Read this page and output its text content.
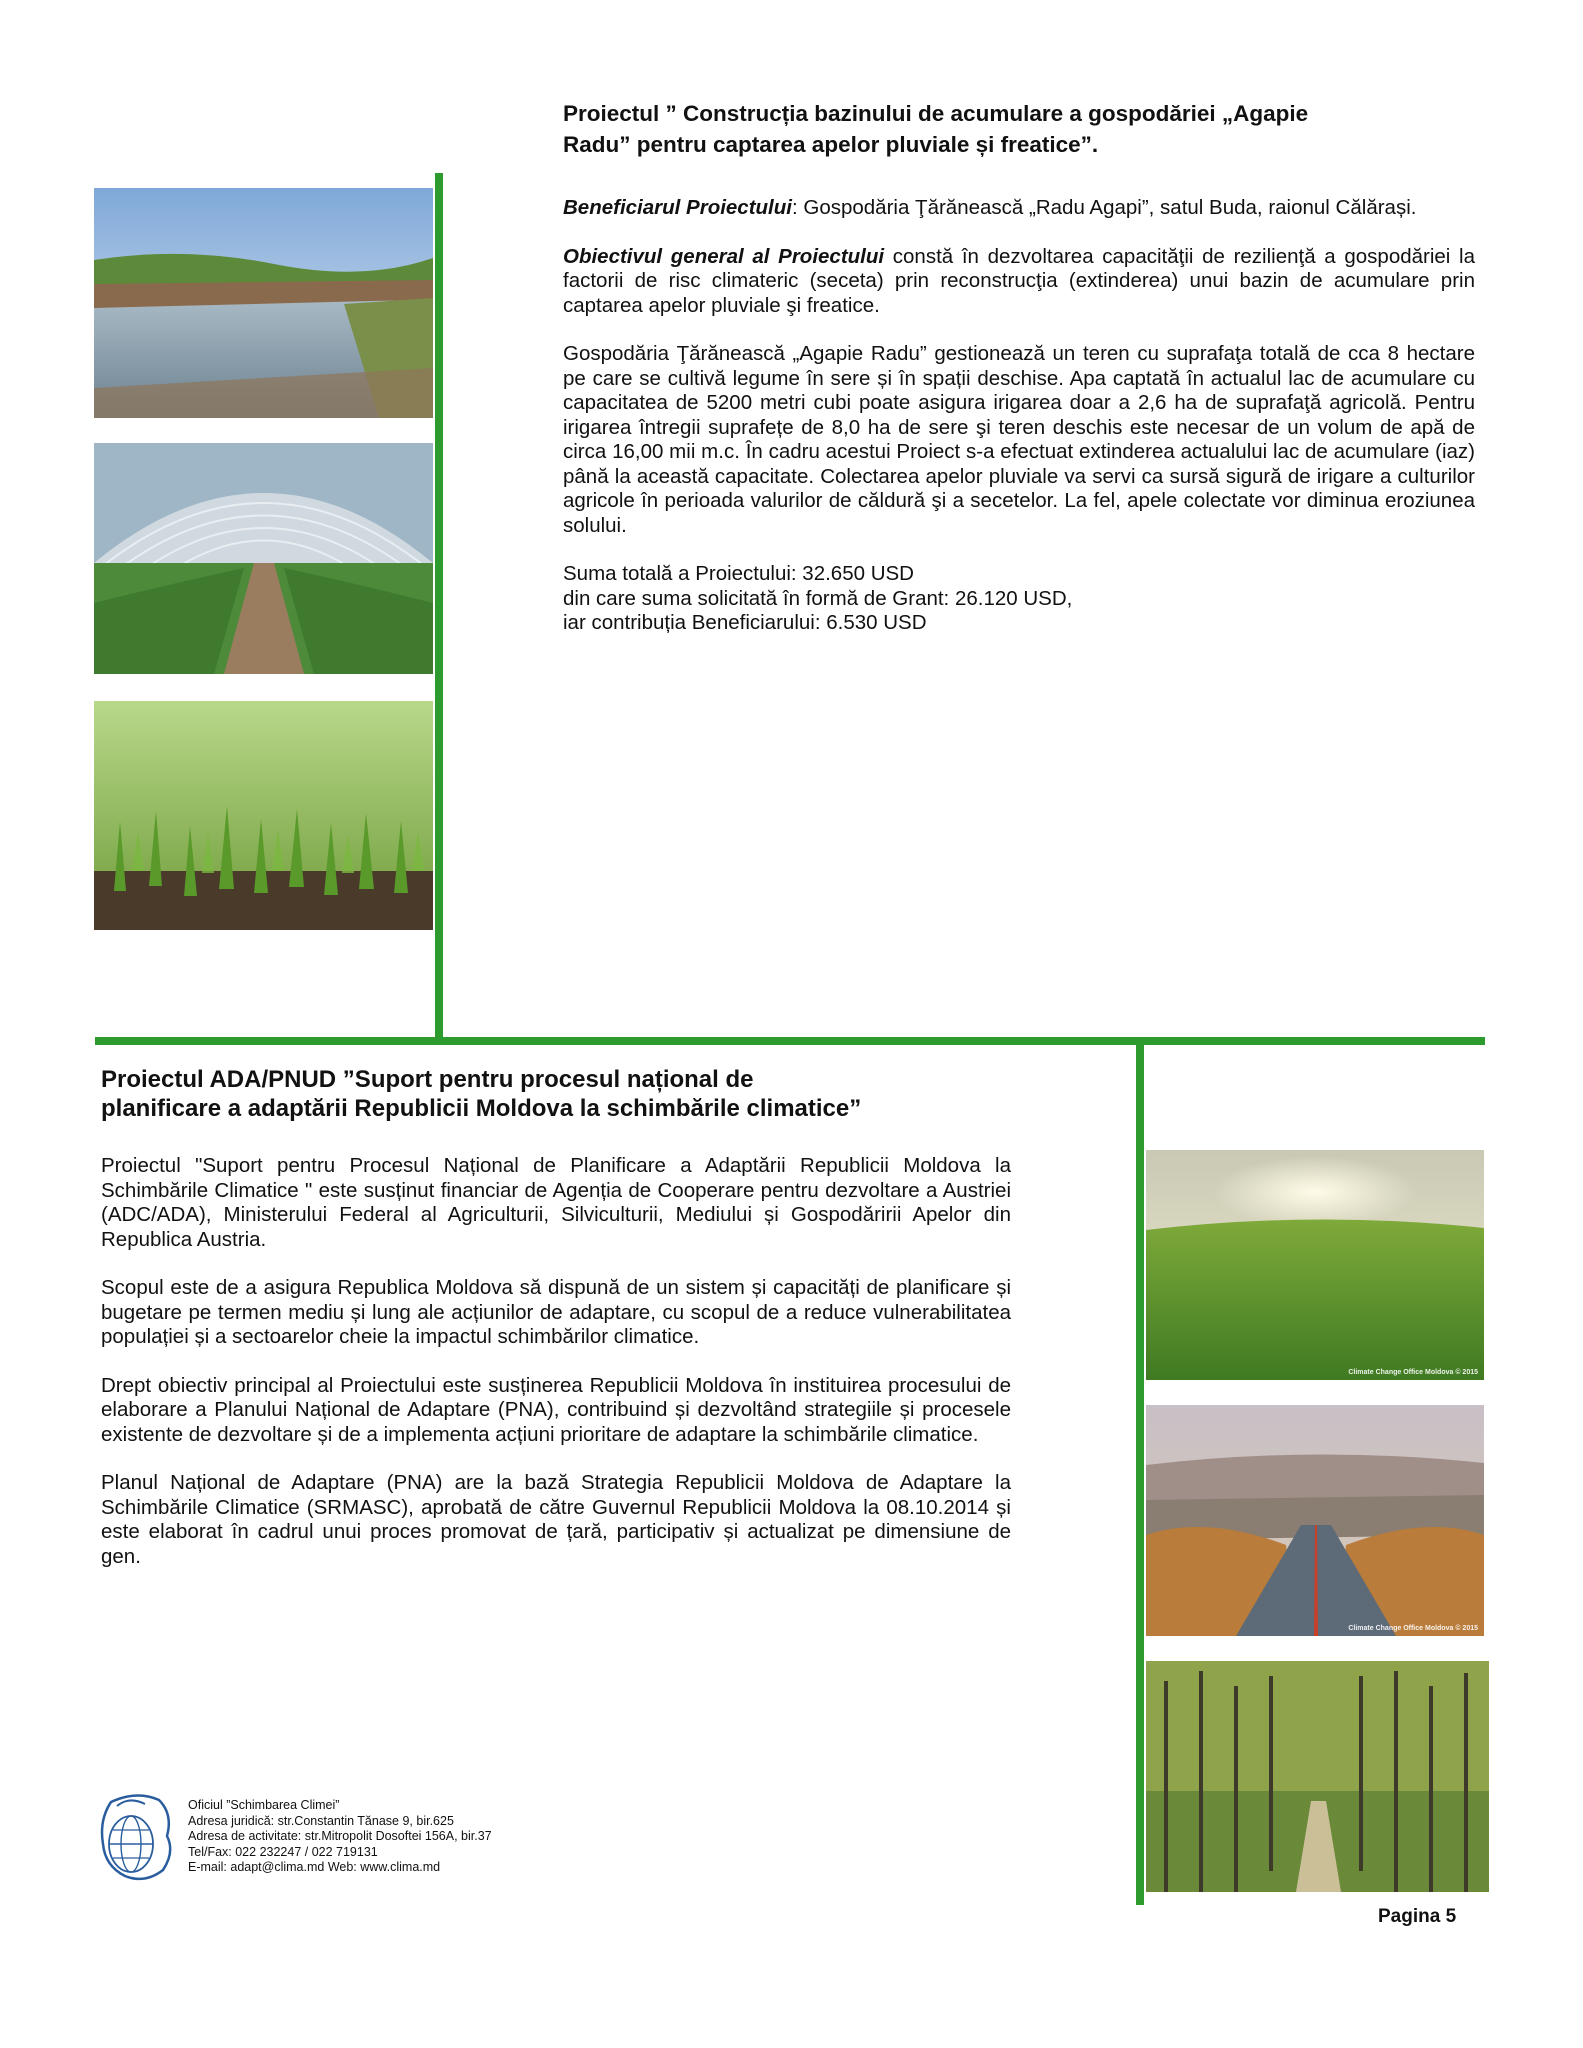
Proiectul ” Construcția bazinului de acumulare a gospodăriei „Agapie

Radu” pentru captarea apelor pluviale și freatice”.

Beneficiarul Proiectului: Gospodăria Ţărănească „Radu Agapi”, satul Buda, raionul Călărași.

Obiectivul general al Proiectului constă în dezvoltarea capacităţii de rezilienţă a gospodăriei la factorii de risc climateric (seceta) prin reconstrucţia (extinderea) unui bazin de acumulare prin captarea apelor pluviale şi freatice.

Gospodăria Ţărănească „Agapie Radu” gestionează un teren cu suprafaţa totală de cca 8 hectare pe care se cultivă legume în sere și în spații deschise. Apa captată în actualul lac de acumulare cu capacitatea de 5200 metri cubi poate asigura irigarea doar a 2,6 ha de suprafaţă agricolă. Pentru irigarea întregii suprafețe de 8,0 ha de sere şi teren deschis este necesar de un volum de apă de circa 16,00 mii m.c. În cadru acestui Proiect s-a efectuat extinderea actualului lac de acumulare (iaz) până la această capacitate. Colectarea apelor pluviale va servi ca sursă sigură de irigare a culturilor agricole în perioada valurilor de căldură şi a secetelor. La fel, apele colectate vor diminua eroziunea solului.

Suma totală a Proiectului: 32.650 USD
din care suma solicitată în formă de Grant: 26.120 USD,
iar contribuția Beneficiarului: 6.530 USD

Proiectul ADA/PNUD ”Suport pentru procesul național de

planificare a adaptării Republicii Moldova la schimbările climatice”

Proiectul "Suport pentru Procesul Național de Planificare a Adaptării Republicii Moldova la Schimbările Climatice " este susținut financiar de Agenția de Cooperare pentru dezvoltare a Austriei (ADC/ADA), Ministerului Federal al Agriculturii, Silviculturii, Mediului și Gospodăririi Apelor din Republica Austria.

Scopul este de a asigura Republica Moldova să dispună de un sistem și capacități de planificare și bugetare pe termen mediu și lung ale acțiunilor de adaptare, cu scopul de a reduce vulnerabilitatea populației și a sectoarelor cheie la impactul schimbărilor climatice.

Drept obiectiv principal al Proiectului este susținerea Republicii Moldova în instituirea procesului de elaborare a Planului Național de Adaptare (PNA), contribuind și dezvoltând strategiile și procesele existente de dezvoltare și de a implementa acțiuni prioritare de adaptare la schimbările climatice.

Planul Național de Adaptare (PNA) are la bază Strategia Republicii Moldova de Adaptare la Schimbările Climatice (SRMASC), aprobată de către Guvernul Republicii Moldova la 08.10.2014 și este elaborat în cadrul unui proces promovat de țară, participativ și actualizat pe dimensiune de gen.

Climate Change Office Moldova © 2015
Climate Change Office Moldova © 2015
Oficiul ”Schimbarea Climei”
Adresa juridică: str.Constantin Tănase 9, bir.625
Adresa de activitate: str.Mitropolit Dosoftei 156A, bir.37
Tel/Fax: 022 232247 / 022 719131
E-mail: adapt@clima.md Web: www.clima.md
Pagina 5
